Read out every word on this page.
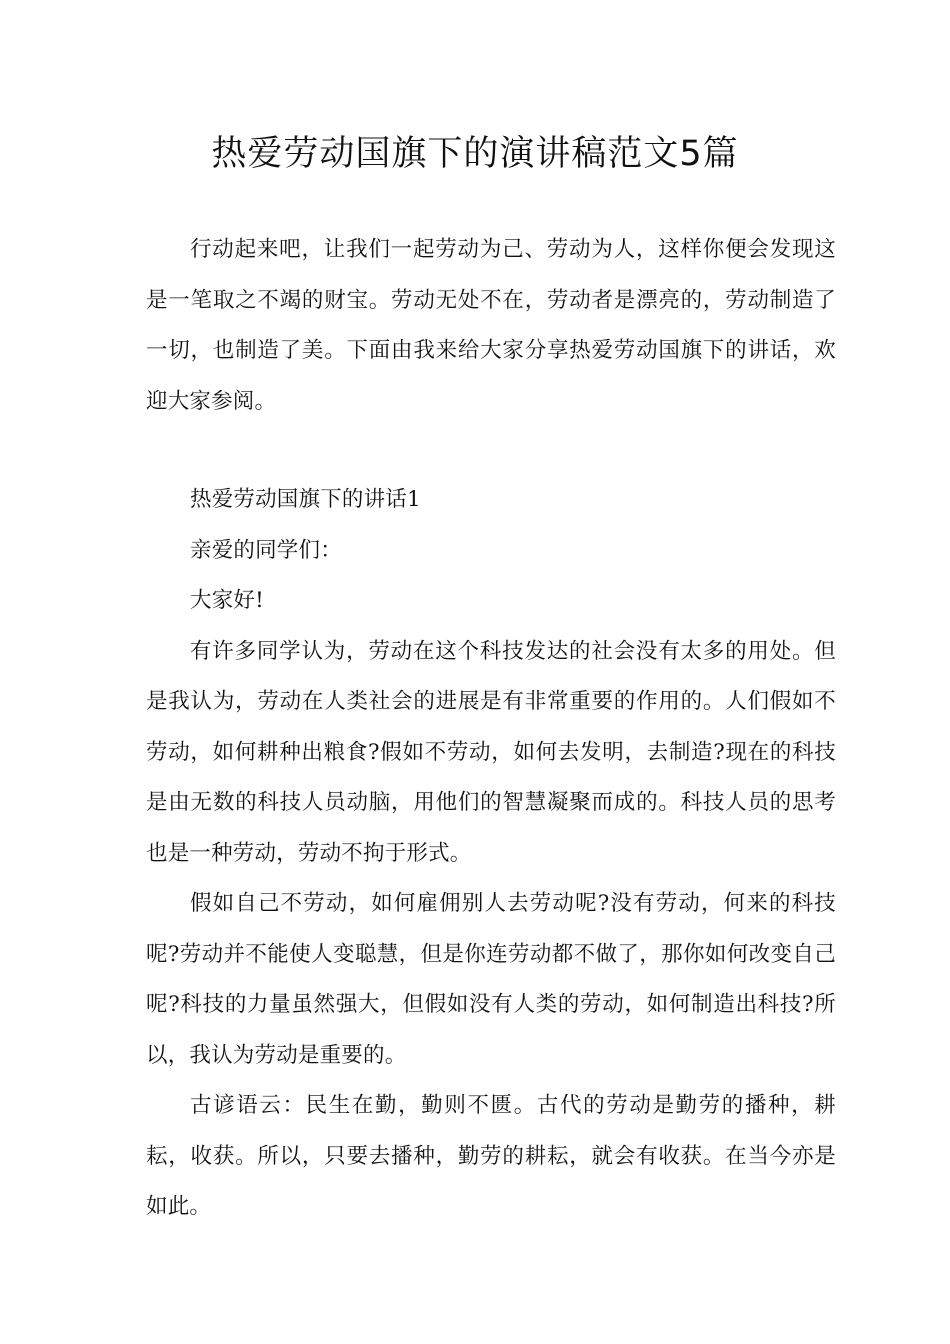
热爱劳动国旗下的演讲稿范文5篇

行动起来吧，让我们一起劳动为己、劳动为人，这样你便会发现这是一笔取之不竭的财宝。劳动无处不在，劳动者是漂亮的，劳动制造了一切，也制造了美。下面由我来给大家分享热爱劳动国旗下的讲话，欢迎大家参阅。

热爱劳动国旗下的讲话1

亲爱的同学们：

大家好!

有许多同学认为，劳动在这个科技发达的社会没有太多的用处。但是我认为，劳动在人类社会的进展是有非常重要的作用的。人们假如不劳动，如何耕种出粮食?假如不劳动，如何去发明，去制造?现在的科技是由无数的科技人员动脑，用他们的智慧凝聚而成的。科技人员的思考也是一种劳动，劳动不拘于形式。

假如自己不劳动，如何雇佣别人去劳动呢?没有劳动，何来的科技呢?劳动并不能使人变聪慧，但是你连劳动都不做了，那你如何改变自己呢?科技的力量虽然强大，但假如没有人类的劳动，如何制造出科技?所以，我认为劳动是重要的。

古谚语云：民生在勤，勤则不匮。古代的劳动是勤劳的播种，耕耘，收获。所以，只要去播种，勤劳的耕耘，就会有收获。在当今亦是如此。
